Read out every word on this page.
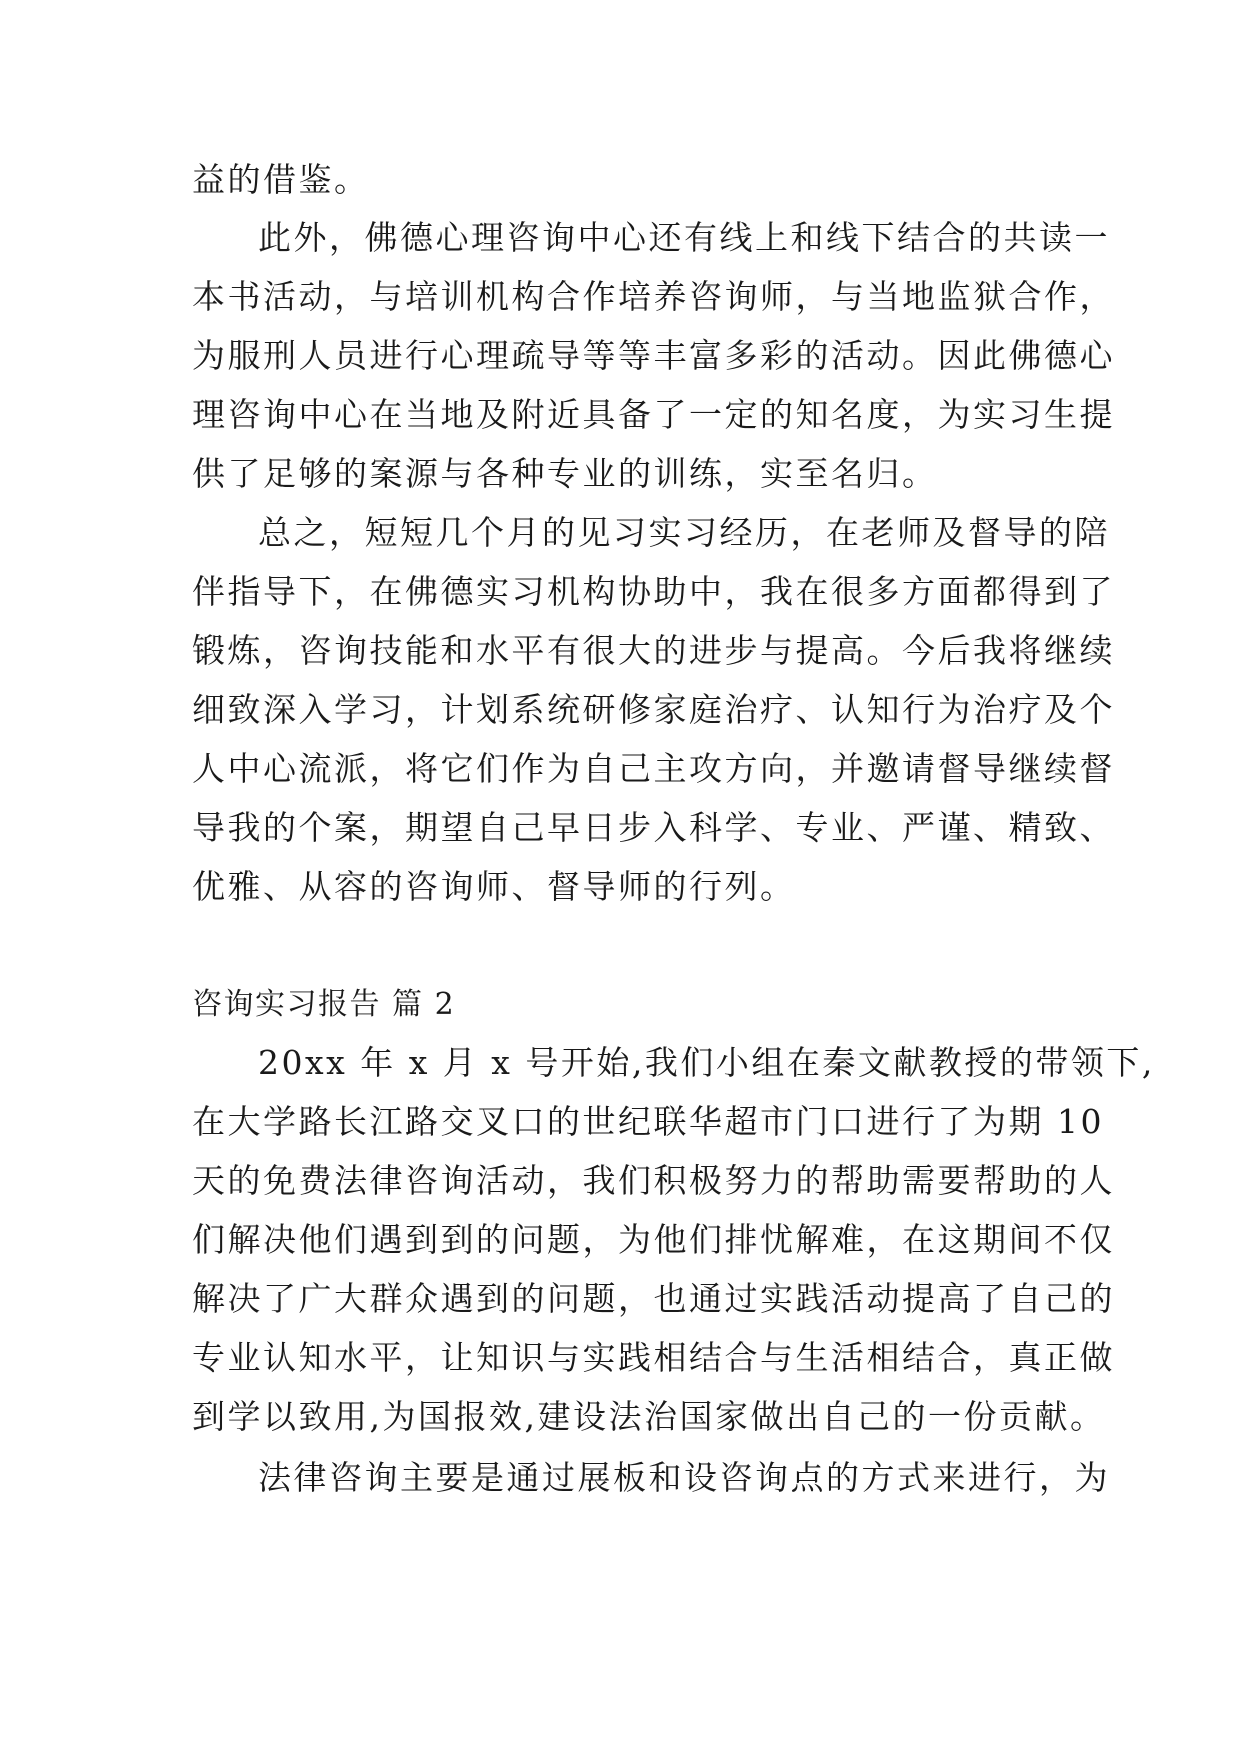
益的借鉴。
此外，佛德心理咨询中心还有线上和线下结合的共读一
本书活动，与培训机构合作培养咨询师，与当地监狱合作，
为服刑人员进行心理疏导等等丰富多彩的活动。因此佛德心
理咨询中心在当地及附近具备了一定的知名度，为实习生提
供了足够的案源与各种专业的训练，实至名归。
总之，短短几个月的见习实习经历，在老师及督导的陪
伴指导下，在佛德实习机构协助中，我在很多方面都得到了
锻炼，咨询技能和水平有很大的进步与提高。今后我将继续
细致深入学习，计划系统研修家庭治疗、认知行为治疗及个
人中心流派，将它们作为自己主攻方向，并邀请督导继续督
导我的个案，期望自己早日步入科学、专业、严谨、精致、
优雅、从容的咨询师、督导师的行列。
咨询实习报告 篇 2
20xx 年 x 月 x 号开始,我们小组在秦文献教授的带领下,
在大学路长江路交叉口的世纪联华超市门口进行了为期 10
天的免费法律咨询活动，我们积极努力的帮助需要帮助的人
们解决他们遇到到的问题，为他们排忧解难，在这期间不仅
解决了广大群众遇到的问题，也通过实践活动提高了自己的
专业认知水平，让知识与实践相结合与生活相结合，真正做
到学以致用,为国报效,建设法治国家做出自己的一份贡献。
法律咨询主要是通过展板和设咨询点的方式来进行，为
